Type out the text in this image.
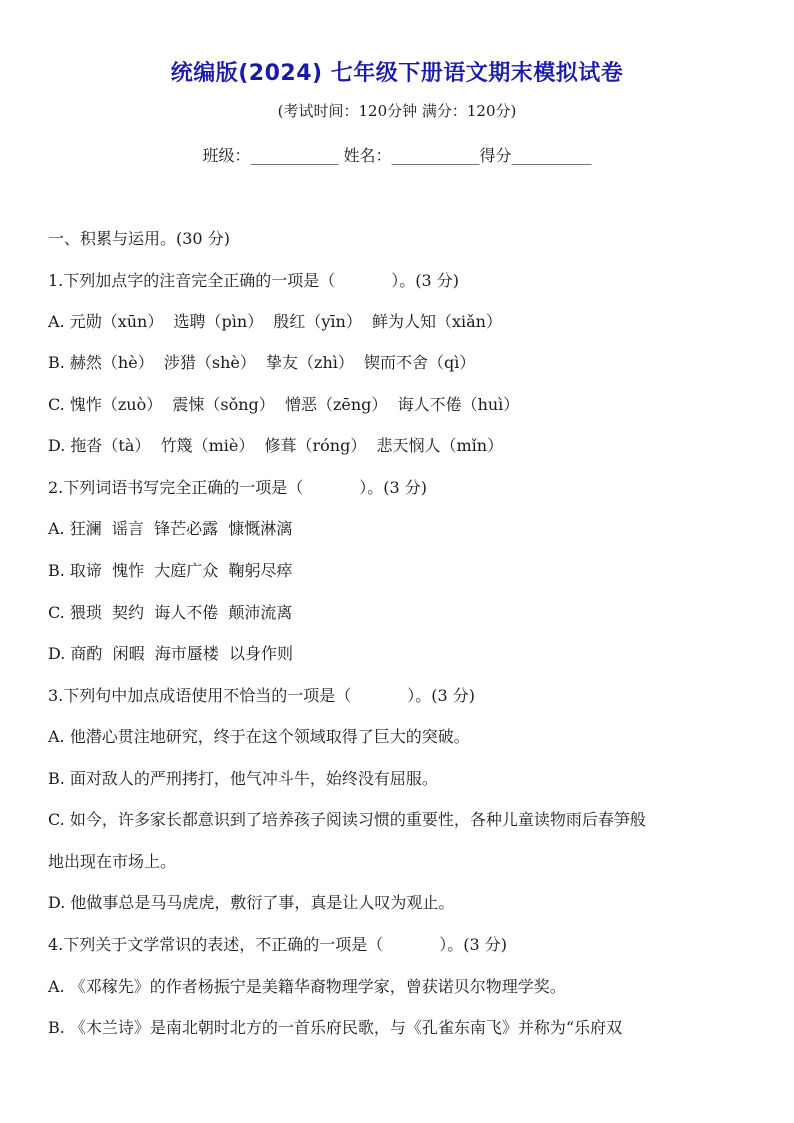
统编版(2024) 七年级下册语文期末模拟试卷
(考试时间：120分钟 满分：120分)
班级：___________ 姓名：___________得分__________
一、积累与运用。(30 分)
1.下列加点字的注音完全正确的一项是（	）。(3 分)
A. 元勋（xūn）  选聘（pìn）  殷红（yīn）  鲜为人知（xiǎn）
B. 赫然（hè）  涉猎（shè）  挚友（zhì）  锲而不舍（qì）
C. 愧怍（zuò）  震悚（sǒng）  憎恶（zēng）  诲人不倦（huì）
D. 拖沓（tà）  竹篾（miè）  修葺（róng）  悲天悯人（mǐn）
2.下列词语书写完全正确的一项是（	）。(3 分)
A. 狂澜  谣言  锋芒必露  慷慨淋漓
B. 取谛  愧怍  大庭广众  鞠躬尽瘁
C. 猥琐  契约  诲人不倦  颠沛流离
D. 商酌  闲暇  海市蜃楼  以身作则
3.下列句中加点成语使用不恰当的一项是（	）。(3 分)
A. 他潜心贯注地研究，终于在这个领域取得了巨大的突破。
B. 面对敌人的严刑拷打，他气冲斗牛，始终没有屈服。
C. 如今，许多家长都意识到了培养孩子阅读习惯的重要性，各种儿童读物雨后春笋般
地出现在市场上。
D. 他做事总是马马虎虎，敷衍了事，真是让人叹为观止。
4.下列关于文学常识的表述，不正确的一项是（	）。(3 分)
A. 《邓稼先》的作者杨振宁是美籍华裔物理学家，曾获诺贝尔物理学奖。
B. 《木兰诗》是南北朝时北方的一首乐府民歌，与《孔雀东南飞》并称为“乐府双
